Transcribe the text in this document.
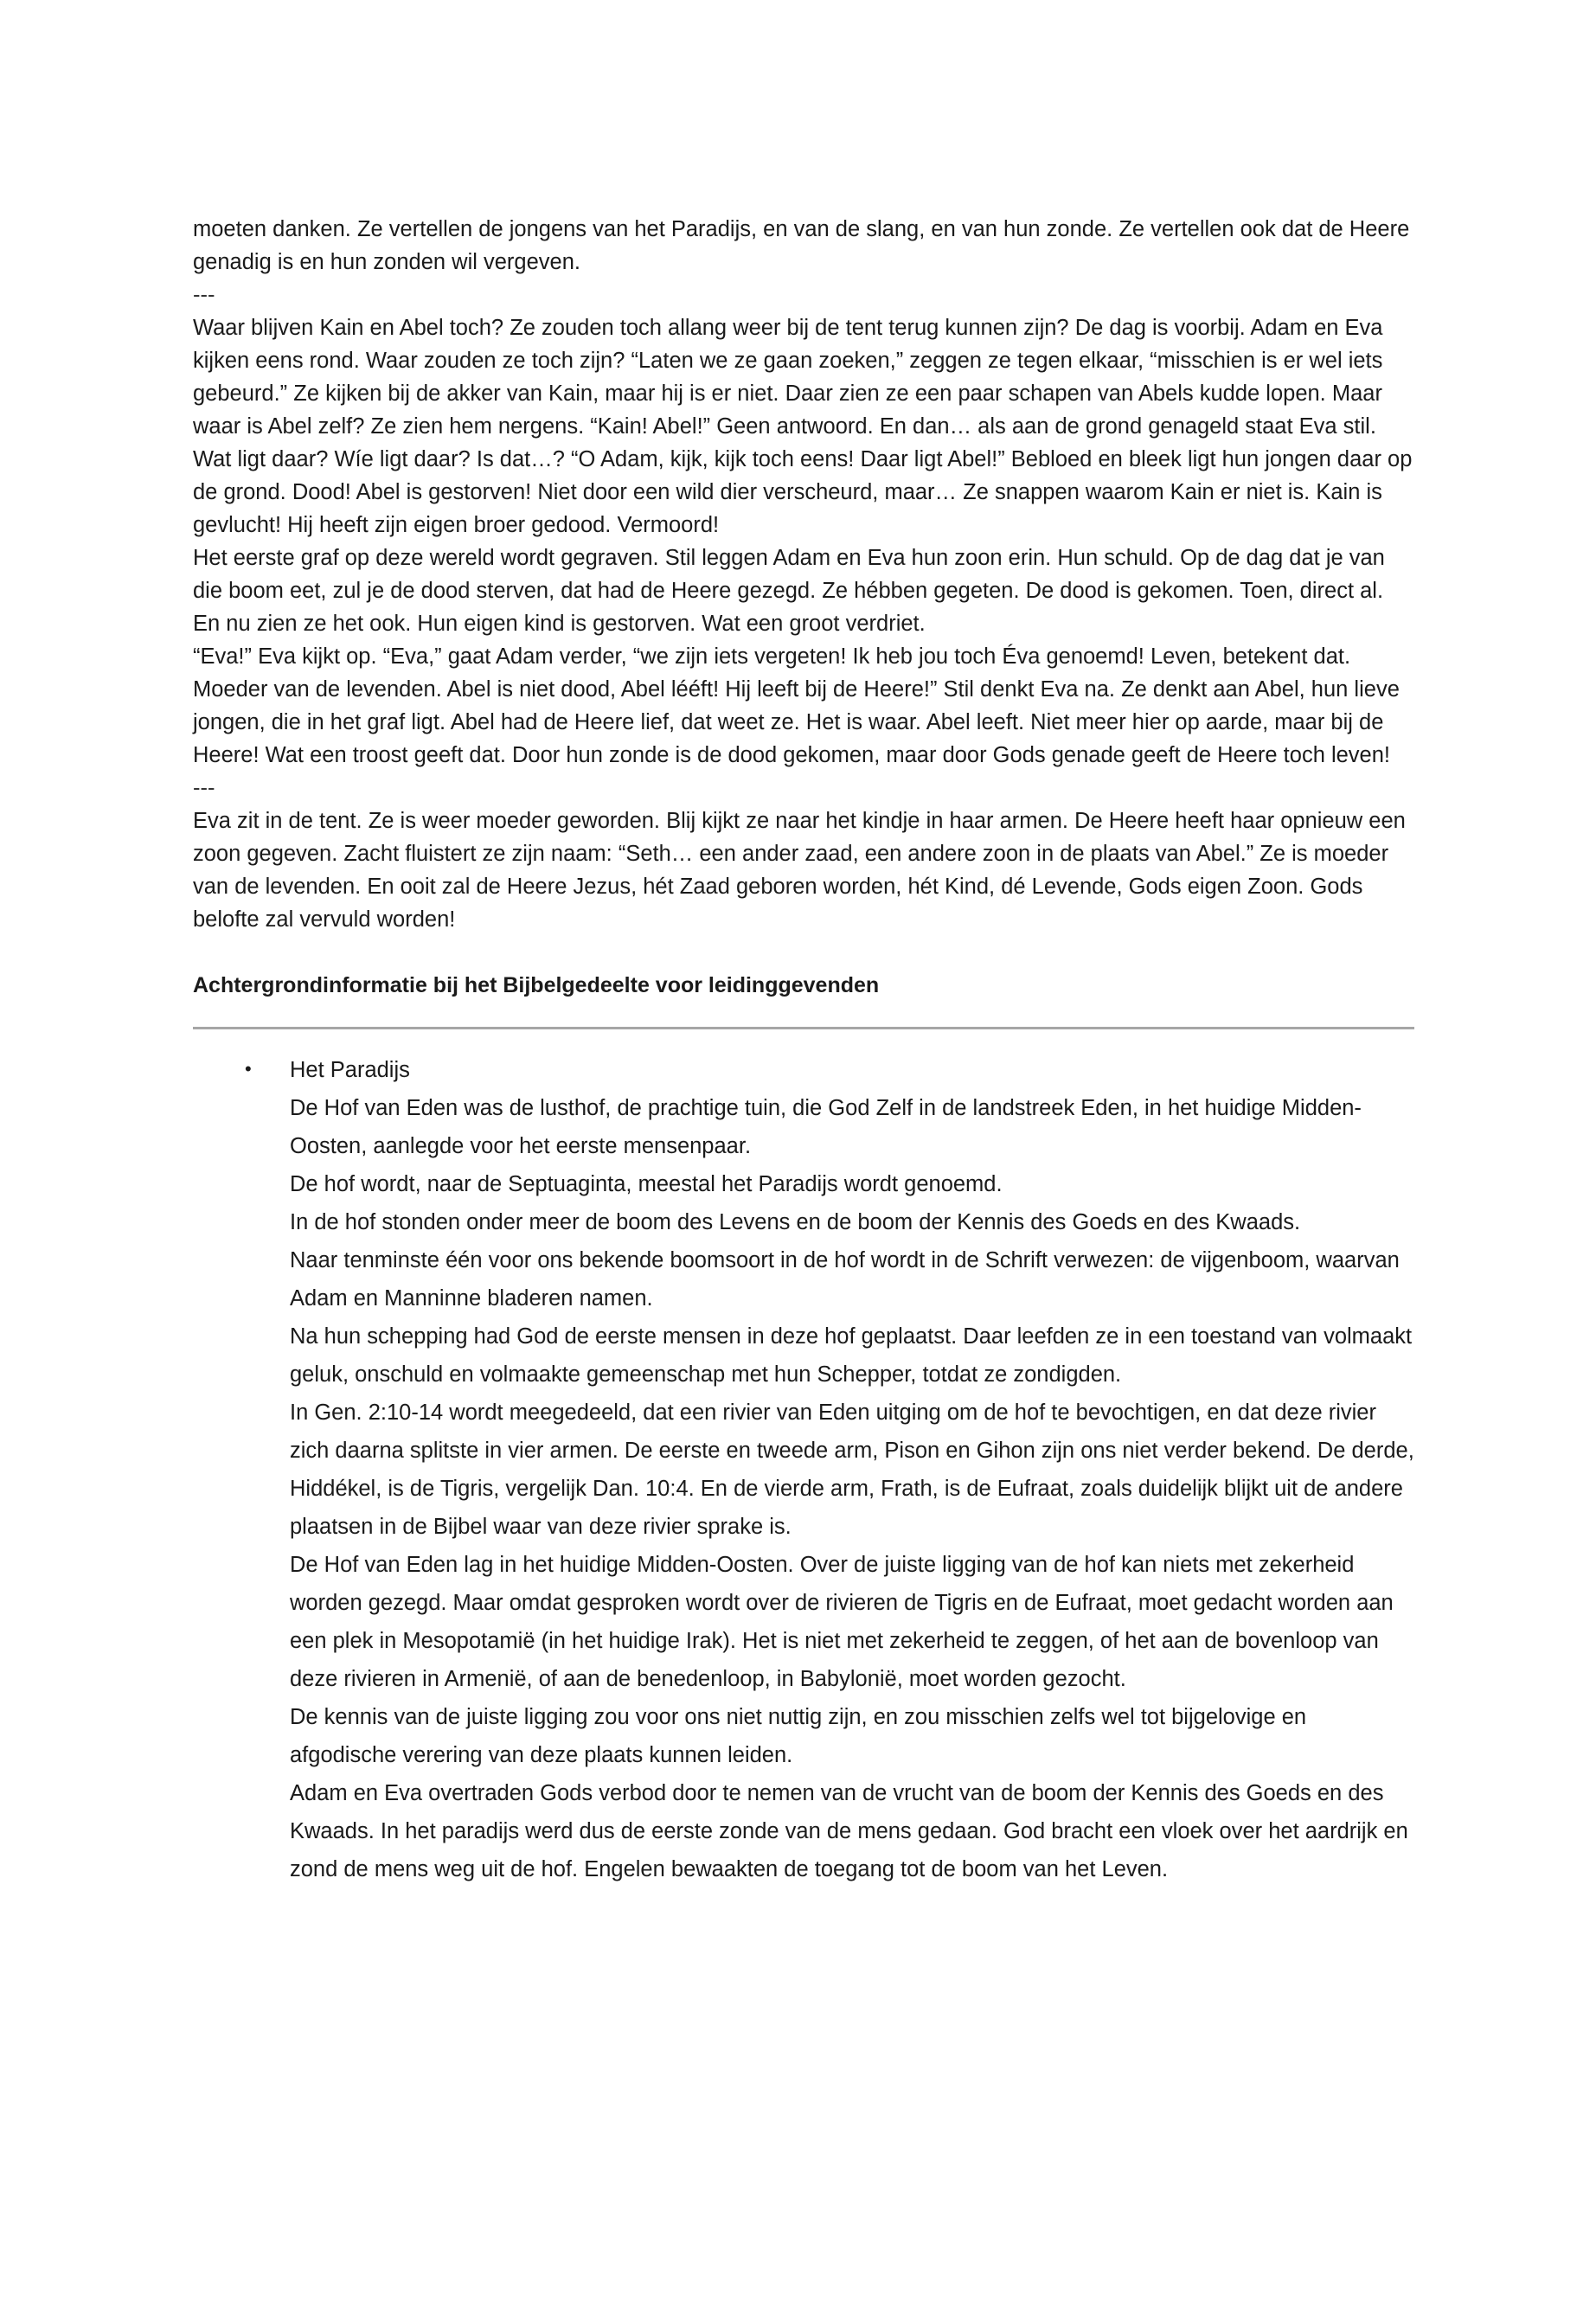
moeten danken. Ze vertellen de jongens van het Paradijs, en van de slang, en van hun zonde. Ze vertellen ook dat de Heere genadig is en hun zonden wil vergeven.

---

Waar blijven Kain en Abel toch? Ze zouden toch allang weer bij de tent terug kunnen zijn? De dag is voorbij. Adam en Eva kijken eens rond. Waar zouden ze toch zijn? “Laten we ze gaan zoeken,” zeggen ze tegen elkaar, “misschien is er wel iets gebeurd.” Ze kijken bij de akker van Kain, maar hij is er niet. Daar zien ze een paar schapen van Abels kudde lopen. Maar waar is Abel zelf? Ze zien hem nergens. “Kain! Abel!” Geen antwoord. En dan… als aan de grond genageld staat Eva stil. Wat ligt daar? Wíe ligt daar? Is dat…? “O Adam, kijk, kijk toch eens! Daar ligt Abel!” Bebloed en bleek ligt hun jongen daar op de grond. Dood! Abel is gestorven! Niet door een wild dier verscheurd, maar… Ze snappen waarom Kain er niet is. Kain is gevlucht! Hij heeft zijn eigen broer gedood. Vermoord!

Het eerste graf op deze wereld wordt gegraven. Stil leggen Adam en Eva hun zoon erin. Hun schuld. Op de dag dat je van die boom eet, zul je de dood sterven, dat had de Heere gezegd. Ze hébben gegeten. De dood is gekomen. Toen, direct al. En nu zien ze het ook. Hun eigen kind is gestorven. Wat een groot verdriet.

“Eva!” Eva kijkt op. “Eva,” gaat Adam verder, “we zijn iets vergeten! Ik heb jou toch Éva genoemd! Leven, betekent dat. Moeder van de levenden. Abel is niet dood, Abel lééft! Hij leeft bij de Heere!” Stil denkt Eva na. Ze denkt aan Abel, hun lieve jongen, die in het graf ligt. Abel had de Heere lief, dat weet ze. Het is waar. Abel leeft. Niet meer hier op aarde, maar bij de Heere! Wat een troost geeft dat. Door hun zonde is de dood gekomen, maar door Gods genade geeft de Heere toch leven!

---

Eva zit in de tent. Ze is weer moeder geworden. Blij kijkt ze naar het kindje in haar armen. De Heere heeft haar opnieuw een zoon gegeven. Zacht fluistert ze zijn naam: “Seth… een ander zaad, een andere zoon in de plaats van Abel.” Ze is moeder van de levenden. En ooit zal de Heere Jezus, hét Zaad geboren worden, hét Kind, dé Levende, Gods eigen Zoon. Gods belofte zal vervuld worden!

Achtergrondinformatie bij het Bijbelgedeelte voor leidinggevenden
• Het Paradijs

De Hof van Eden was de lusthof, de prachtige tuin, die God Zelf in de landstreek Eden, in het huidige Midden-Oosten, aanlegde voor het eerste mensenpaar.

De hof wordt, naar de Septuaginta, meestal het Paradijs wordt genoemd.

In de hof stonden onder meer de boom des Levens en de boom der Kennis des Goeds en des Kwaads.

Naar tenminste één voor ons bekende boomsoort in de hof wordt in de Schrift verwezen: de vijgenboom, waarvan Adam en Manninne bladeren namen.

Na hun schepping had God de eerste mensen in deze hof geplaatst. Daar leefden ze in een toestand van volmaakt geluk, onschuld en volmaakte gemeenschap met hun Schepper, totdat ze zondigden.

In Gen. 2:10-14 wordt meegedeeld, dat een rivier van Eden uitging om de hof te bevochtigen, en dat deze rivier zich daarna splitste in vier armen. De eerste en tweede arm, Pison en Gihon zijn ons niet verder bekend. De derde, Hiddékel, is de Tigris, vergelijk Dan. 10:4. En de vierde arm, Frath, is de Eufraat, zoals duidelijk blijkt uit de andere plaatsen in de Bijbel waar van deze rivier sprake is.

De Hof van Eden lag in het huidige Midden-Oosten. Over de juiste ligging van de hof kan niets met zekerheid worden gezegd. Maar omdat gesproken wordt over de rivieren de Tigris en de Eufraat, moet gedacht worden aan een plek in Mesopotamië (in het huidige Irak). Het is niet met zekerheid te zeggen, of het aan de bovenloop van deze rivieren in Armenië, of aan de benedenloop, in Babylonië, moet worden gezocht.

De kennis van de juiste ligging zou voor ons niet nuttig zijn, en zou misschien zelfs wel tot bijgelovige en afgodische verering van deze plaats kunnen leiden.

Adam en Eva overtraden Gods verbod door te nemen van de vrucht van de boom der Kennis des Goeds en des Kwaads. In het paradijs werd dus de eerste zonde van de mens gedaan. God bracht een vloek over het aardrijk en zond de mens weg uit de hof. Engelen bewaakten de toegang tot de boom van het Leven.
